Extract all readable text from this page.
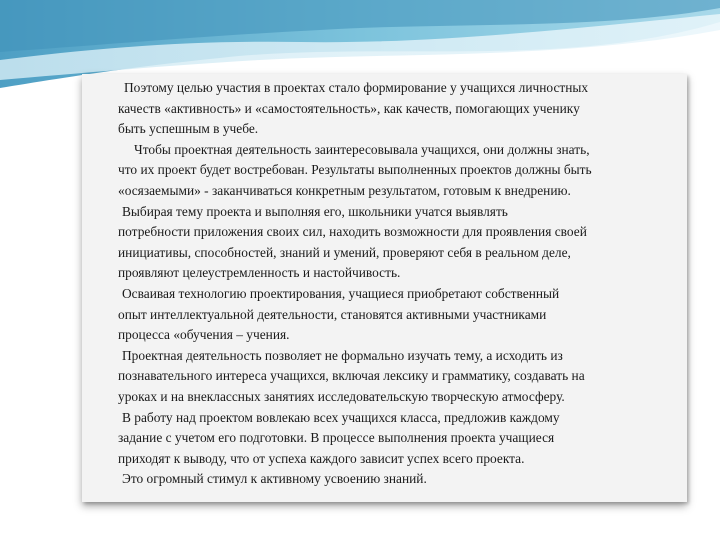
Поэтому целью участия в проектах стало формирование у учащихся личностных
качеств «активность» и «самостоятельность», как качеств, помогающих ученику
быть успешным в учебе.

Чтобы проектная деятельность заинтересовывала учащихся, они должны знать,
что их проект будет востребован. Результаты выполненных проектов должны быть
«осязаемыми» - заканчиваться конкретным результатом, готовым к внедрению.

Выбирая тему проекта и выполняя его, школьники учатся выявлять
потребности приложения своих сил, находить возможности для проявления своей
инициативы, способностей, знаний и умений, проверяют себя в реальном деле,
проявляют целеустремленность и настойчивость.

Осваивая технологию проектирования, учащиеся приобретают собственный
опыт интеллектуальной деятельности, становятся активными участниками
процесса «обучения – учения.

Проектная деятельность позволяет не формально изучать тему, а исходить из
познавательного интереса учащихся, включая лексику и грамматику, создавать на
уроках и на внеклассных занятиях исследовательскую творческую атмосферу.

В работу над проектом вовлекаю всех учащихся класса, предложив каждому
задание с учетом его подготовки. В процессе выполнения проекта учащиеся
приходят к выводу, что от успеха каждого зависит успех всего проекта.

Это огромный стимул к активному усвоению знаний.
